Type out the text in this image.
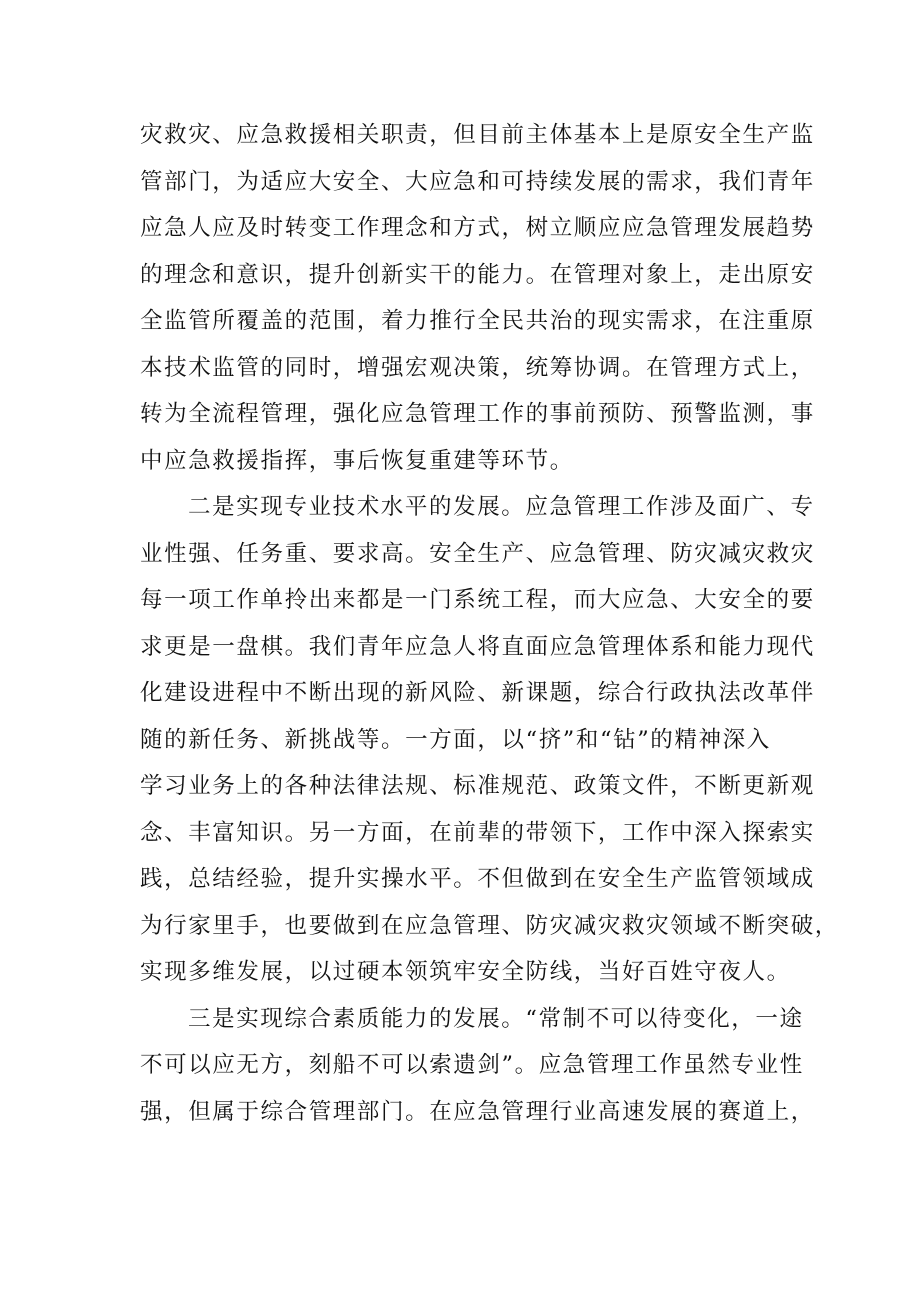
灾救灾、应急救援相关职责，但目前主体基本上是原安全生产监
管部门，为适应大安全、大应急和可持续发展的需求，我们青年
应急人应及时转变工作理念和方式，树立顺应应急管理发展趋势
的理念和意识，提升创新实干的能力。在管理对象上，走出原安
全监管所覆盖的范围，着力推行全民共治的现实需求，在注重原
本技术监管的同时，增强宏观决策，统筹协调。在管理方式上，
转为全流程管理，强化应急管理工作的事前预防、预警监测，事
中应急救援指挥，事后恢复重建等环节。
二是实现专业技术水平的发展。应急管理工作涉及面广、专
业性强、任务重、要求高。安全生产、应急管理、防灾减灾救灾
每一项工作单拎出来都是一门系统工程，而大应急、大安全的要
求更是一盘棋。我们青年应急人将直面应急管理体系和能力现代
化建设进程中不断出现的新风险、新课题，综合行政执法改革伴
随的新任务、新挑战等。一方面，以“挤”和“钻”的精神深入
学习业务上的各种法律法规、标准规范、政策文件，不断更新观
念、丰富知识。另一方面，在前辈的带领下，工作中深入探索实
践，总结经验，提升实操水平。不但做到在安全生产监管领域成
为行家里手，也要做到在应急管理、防灾减灾救灾领域不断突破，
实现多维发展，以过硬本领筑牢安全防线，当好百姓守夜人。
三是实现综合素质能力的发展。“常制不可以待变化，一途
不可以应无方，刻船不可以索遗剑”。应急管理工作虽然专业性
强，但属于综合管理部门。在应急管理行业高速发展的赛道上，
